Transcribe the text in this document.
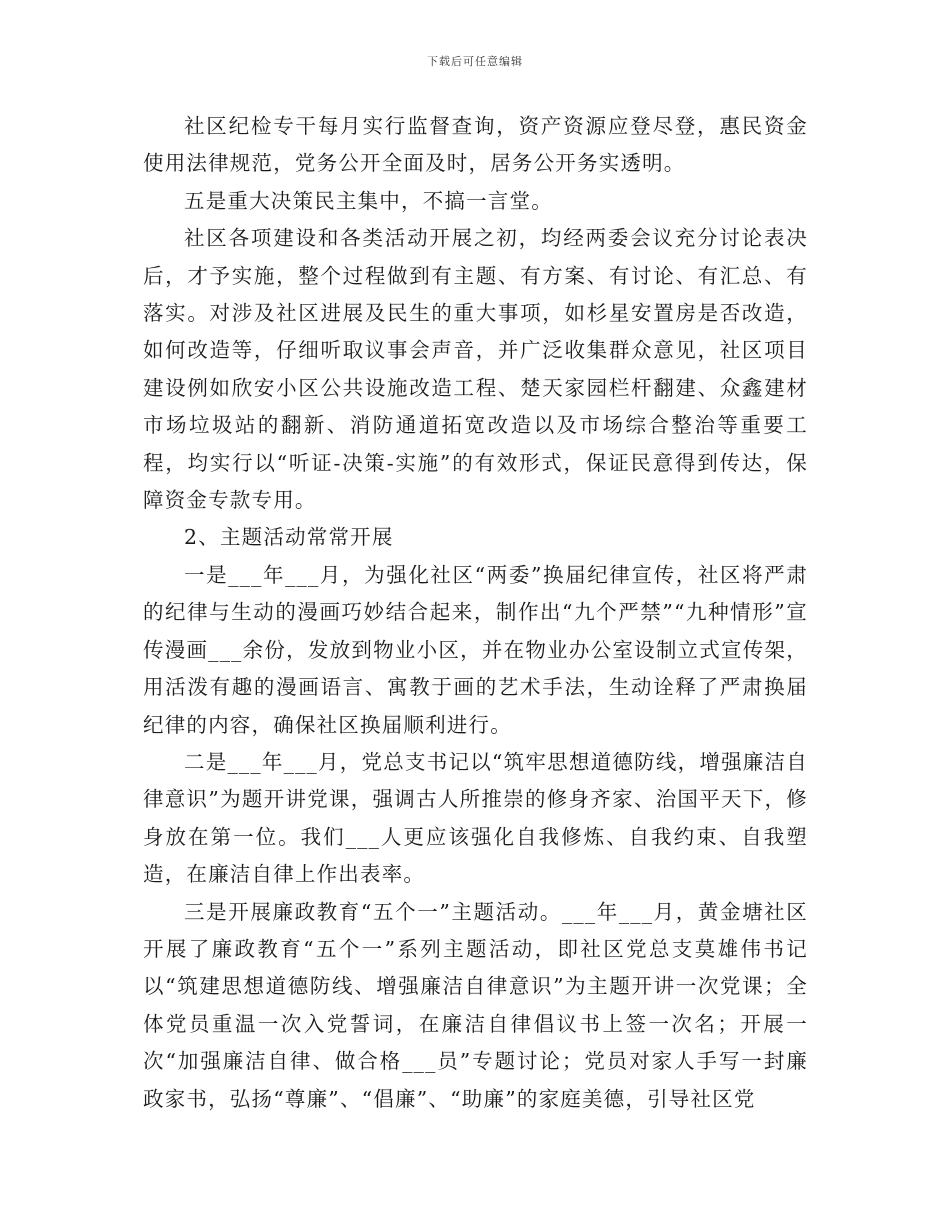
下载后可任意编辑

社区纪检专干每月实行监督查询，资产资源应登尽登，惠民资金使用法律规范，党务公开全面及时，居务公开务实透明。

五是重大决策民主集中，不搞一言堂。

社区各项建设和各类活动开展之初，均经两委会议充分讨论表决后，才予实施，整个过程做到有主题、有方案、有讨论、有汇总、有落实。对涉及社区进展及民生的重大事项，如杉星安置房是否改造，如何改造等，仔细听取议事会声音，并广泛收集群众意见，社区项目建设例如欣安小区公共设施改造工程、楚天家园栏杆翻建、众鑫建材市场垃圾站的翻新、消防通道拓宽改造以及市场综合整治等重要工程，均实行以“听证-决策-实施”的有效形式，保证民意得到传达，保障资金专款专用。

2、主题活动常常开展

一是___年___月，为强化社区“两委”换届纪律宣传，社区将严肃的纪律与生动的漫画巧妙结合起来，制作出“九个严禁”“九种情形”宣传漫画___余份，发放到物业小区，并在物业办公室设制立式宣传架，用活泼有趣的漫画语言、寓教于画的艺术手法，生动诠释了严肃换届纪律的内容，确保社区换届顺利进行。

二是___年___月，党总支书记以“筑牢思想道德防线，增强廉洁自律意识”为题开讲党课，强调古人所推崇的修身齐家、治国平天下，修身放在第一位。我们___人更应该强化自我修炼、自我约束、自我塑造，在廉洁自律上作出表率。

三是开展廉政教育“五个一”主题活动。___年___月，黄金塘社区开展了廉政教育“五个一”系列主题活动，即社区党总支莫雄伟书记以“筑建思想道德防线、增强廉洁自律意识”为主题开讲一次党课；全体党员重温一次入党誓词，在廉洁自律倡议书上签一次名；开展一次“加强廉洁自律、做合格___员”专题讨论；党员对家人手写一封廉政家书，弘扬“尊廉”、“倡廉”、“助廉”的家庭美德，引导社区党
